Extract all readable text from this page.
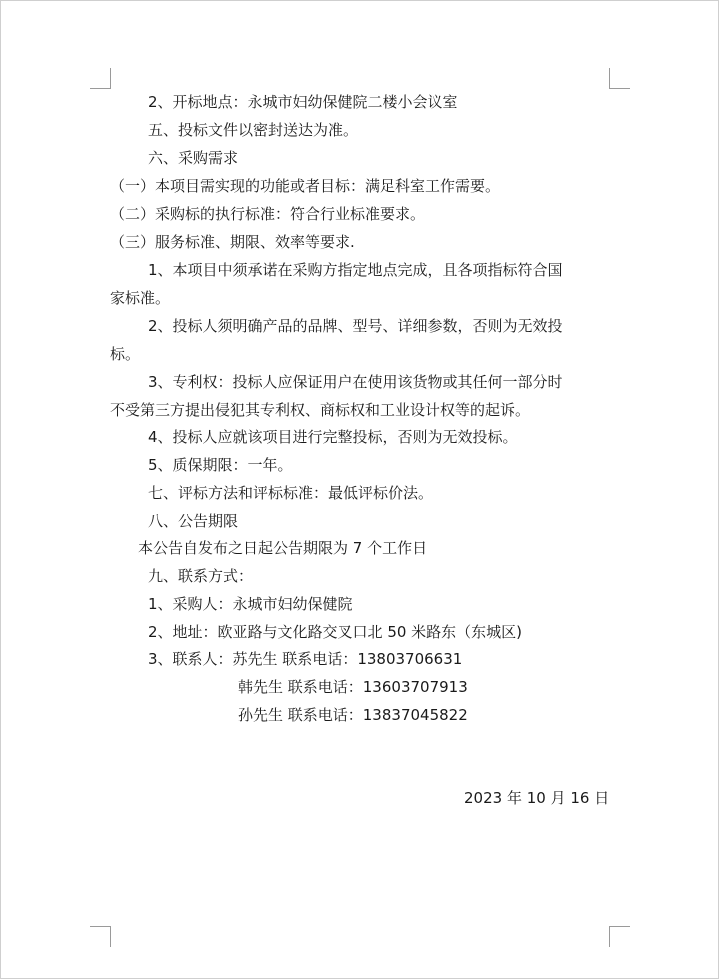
2、开标地点：永城市妇幼保健院二楼小会议室
五、投标文件以密封送达为准。
六、采购需求
（一）本项目需实现的功能或者目标：满足科室工作需要。
（二）采购标的执行标准：符合行业标准要求。
（三）服务标准、期限、效率等要求.
1、本项目中须承诺在采购方指定地点完成，且各项指标符合国
家标准。
2、投标人须明确产品的品牌、型号、详细参数，否则为无效投
标。
3、专利权：投标人应保证用户在使用该货物或其任何一部分时
不受第三方提出侵犯其专利权、商标权和工业设计权等的起诉。
4、投标人应就该项目进行完整投标，否则为无效投标。
5、质保期限：一年。
七、评标方法和评标标准：最低评标价法。
八、公告期限
本公告自发布之日起公告期限为 7 个工作日
九、联系方式：
1、采购人：永城市妇幼保健院
2、地址：欧亚路与文化路交叉口北 50 米路东（东城区)
3、联系人：苏先生 联系电话：13803706631
韩先生 联系电话：13603707913
孙先生 联系电话：13837045822
2023 年 10 月 16 日
